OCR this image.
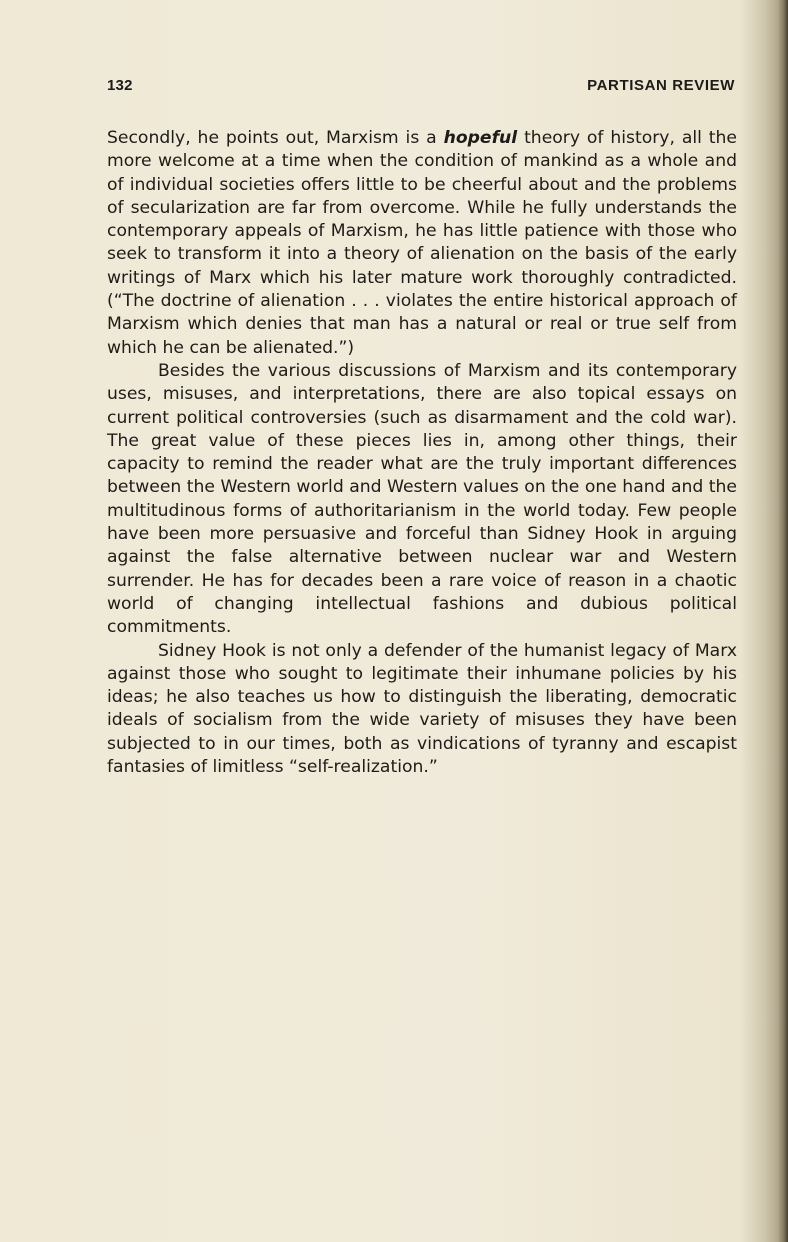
132	PARTISAN REVIEW

Secondly, he points out, Marxism is a hopeful theory of history, all the more welcome at a time when the condition of mankind as a whole and of individual societies offers little to be cheerful about and the problems of secularization are far from overcome. While he fully understands the contemporary appeals of Marxism, he has little patience with those who seek to transform it into a theory of alienation on the basis of the early writings of Marx which his later mature work thoroughly contradicted. (“The doctrine of alienation . . . violates the entire historical approach of Marxism which denies that man has a natural or real or true self from which he can be alienated.”)

Besides the various discussions of Marxism and its contemporary uses, misuses, and interpretations, there are also topical essays on current political controversies (such as disarmament and the cold war). The great value of these pieces lies in, among other things, their capacity to remind the reader what are the truly important differences between the Western world and Western values on the one hand and the multitudinous forms of authoritarianism in the world today. Few people have been more persuasive and forceful than Sidney Hook in arguing against the false alternative between nuclear war and Western surrender. He has for decades been a rare voice of reason in a chaotic world of changing intellectual fashions and dubious political commitments.

Sidney Hook is not only a defender of the humanist legacy of Marx against those who sought to legitimate their inhumane policies by his ideas; he also teaches us how to distinguish the liberating, democratic ideals of socialism from the wide variety of misuses they have been subjected to in our times, both as vindications of tyranny and escapist fantasies of limitless “self-realization.”
